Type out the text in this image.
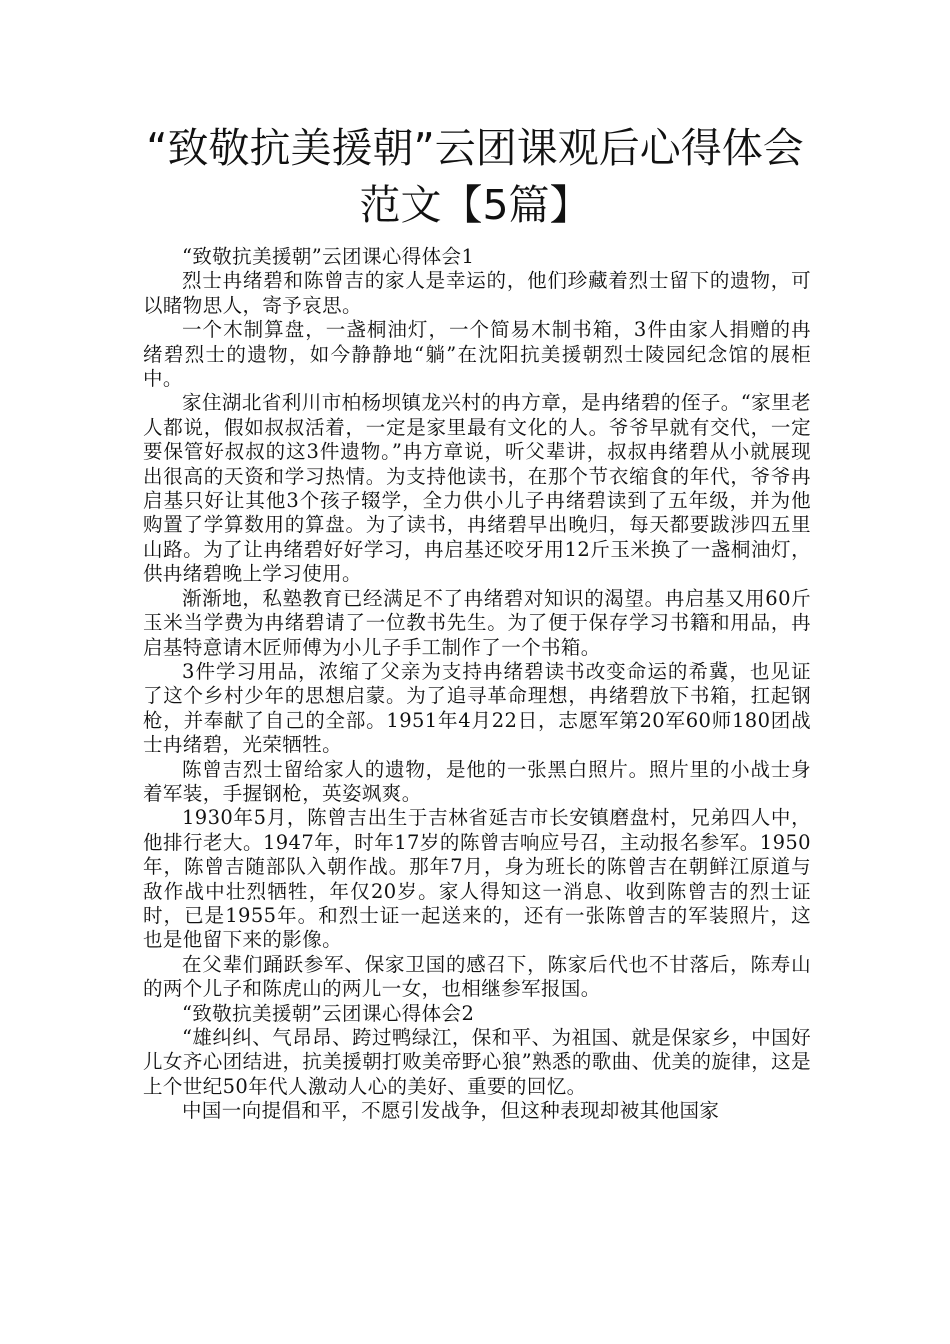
“致敬抗美援朝”云团课观后心得体会
范文【5篇】

“致敬抗美援朝”云团课心得体会1

烈士冉绪碧和陈曾吉的家人是幸运的，他们珍藏着烈士留下的遗物，可以睹物思人，寄予哀思。

一个木制算盘，一盏桐油灯，一个简易木制书箱，3件由家人捐赠的冉绪碧烈士的遗物，如今静静地“躺”在沈阳抗美援朝烈士陵园纪念馆的展柜中。

家住湖北省利川市柏杨坝镇龙兴村的冉方章，是冉绪碧的侄子。“家里老人都说，假如叔叔活着，一定是家里最有文化的人。爷爷早就有交代，一定要保管好叔叔的这3件遗物。”冉方章说，听父辈讲，叔叔冉绪碧从小就展现出很高的天资和学习热情。为支持他读书，在那个节衣缩食的年代，爷爷冉启基只好让其他3个孩子辍学，全力供小儿子冉绪碧读到了五年级，并为他购置了学算数用的算盘。为了读书，冉绪碧早出晚归，每天都要跋涉四五里山路。为了让冉绪碧好好学习，冉启基还咬牙用12斤玉米换了一盏桐油灯，供冉绪碧晚上学习使用。

渐渐地，私塾教育已经满足不了冉绪碧对知识的渴望。冉启基又用60斤玉米当学费为冉绪碧请了一位教书先生。为了便于保存学习书籍和用品，冉启基特意请木匠师傅为小儿子手工制作了一个书箱。

3件学习用品，浓缩了父亲为支持冉绪碧读书改变命运的希冀，也见证了这个乡村少年的思想启蒙。为了追寻革命理想，冉绪碧放下书箱，扛起钢枪，并奉献了自己的全部。1951年4月22日，志愿军第20军60师180团战士冉绪碧，光荣牺牲。

陈曾吉烈士留给家人的遗物，是他的一张黑白照片。照片里的小战士身着军装，手握钢枪，英姿飒爽。

1930年5月，陈曾吉出生于吉林省延吉市长安镇磨盘村，兄弟四人中，他排行老大。1947年，时年17岁的陈曾吉响应号召，主动报名参军。1950年，陈曾吉随部队入朝作战。那年7月，身为班长的陈曾吉在朝鲜江原道与敌作战中壮烈牺牲，年仅20岁。家人得知这一消息、收到陈曾吉的烈士证时，已是1955年。和烈士证一起送来的，还有一张陈曾吉的军装照片，这也是他留下来的影像。

在父辈们踊跃参军、保家卫国的感召下，陈家后代也不甘落后，陈寿山的两个儿子和陈虎山的两儿一女，也相继参军报国。

“致敬抗美援朝”云团课心得体会2

“雄纠纠、气昂昂、跨过鸭绿江，保和平、为祖国、就是保家乡，中国好儿女齐心团结进，抗美援朝打败美帝野心狼”熟悉的歌曲、优美的旋律，这是上个世纪50年代人激动人心的美好、重要的回忆。

中国一向提倡和平，不愿引发战争，但这种表现却被其他国家
